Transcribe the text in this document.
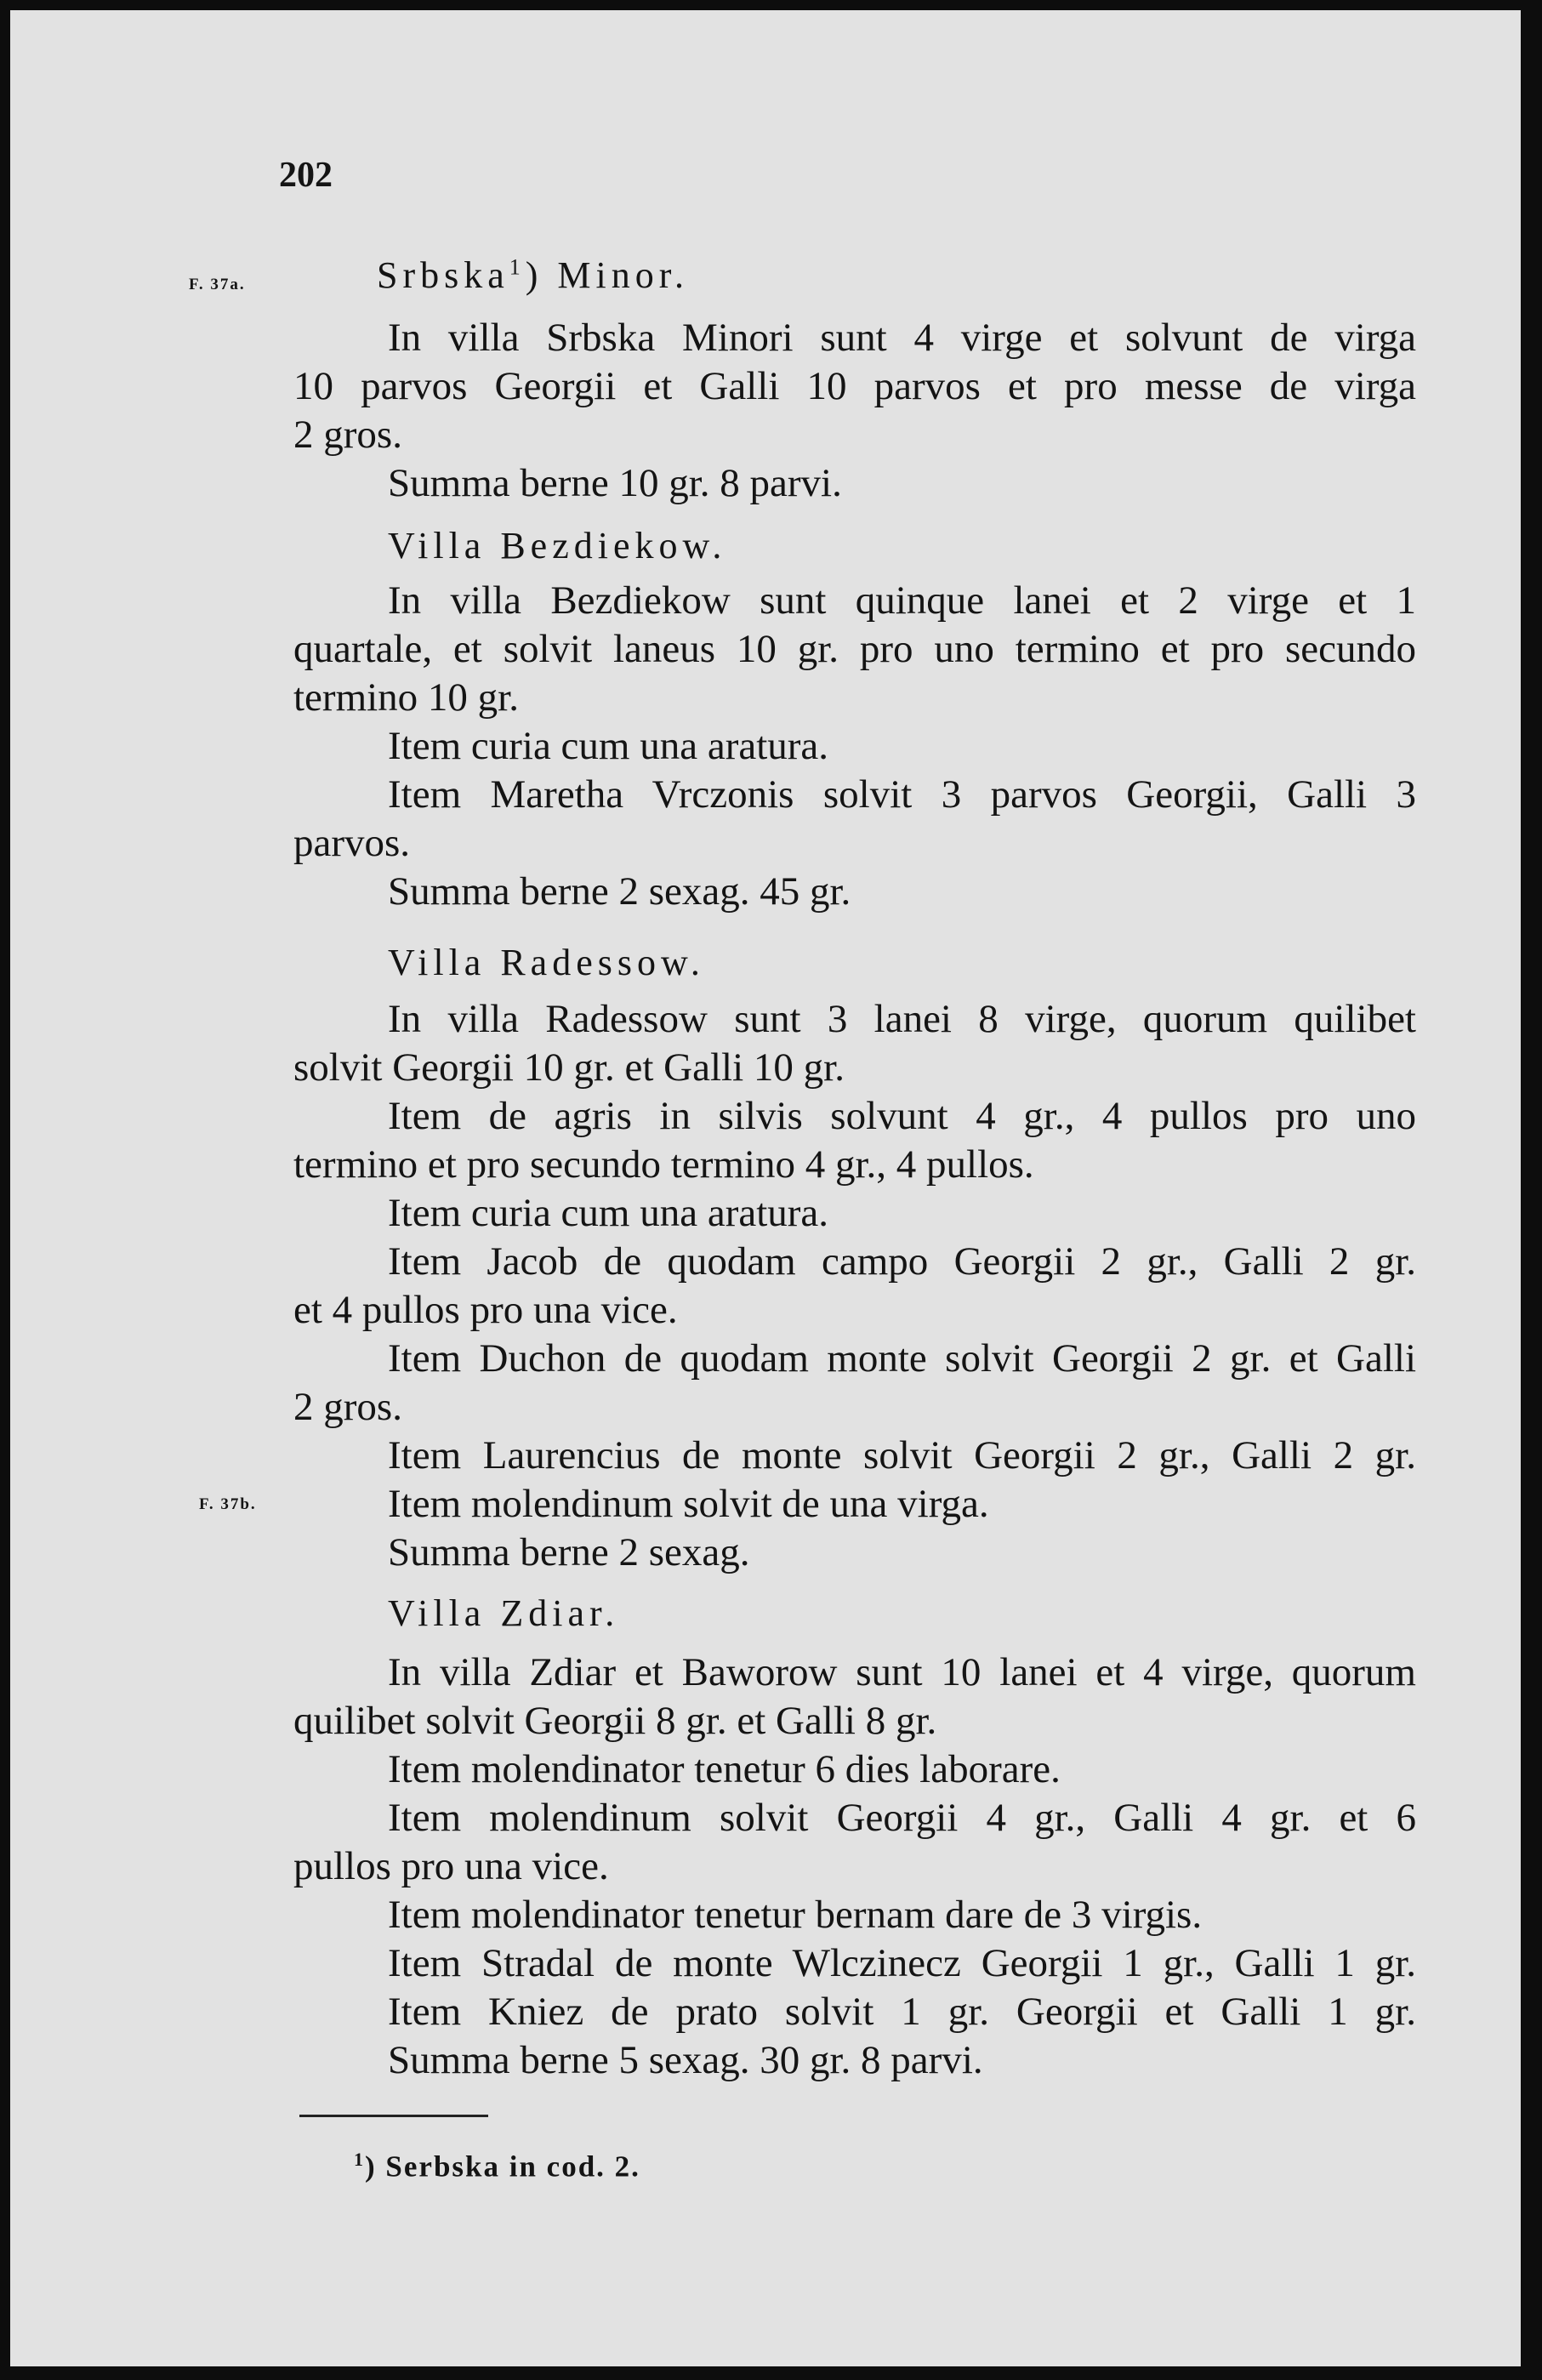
202
F. 37a.
F. 37b.
Srbska$^1$) Minor.
In villa Srbska Minori sunt 4 virge et solvunt de virga
10 parvos Georgii et Galli 10 parvos et pro messe de virga
2 gros.
Summa berne 10 gr. 8 parvi.
Villa Bezdiekow.
In villa Bezdiekow sunt quinque lanei et 2 virge et 1
quartale, et solvit laneus 10 gr. pro uno termino et pro secundo
termino 10 gr.
Item curia cum una aratura.
Item Maretha Vrczonis solvit 3 parvos Georgii, Galli 3
parvos.
Summa berne 2 sexag. 45 gr.
Villa Radessow.
In villa Radessow sunt 3 lanei 8 virge, quorum quilibet
solvit Georgii 10 gr. et Galli 10 gr.
Item de agris in silvis solvunt 4 gr., 4 pullos pro uno
termino et pro secundo termino 4 gr., 4 pullos.
Item curia cum una aratura.
Item Jacob de quodam campo Georgii 2 gr., Galli 2 gr.
et 4 pullos pro una vice.
Item Duchon de quodam monte solvit Georgii 2 gr. et Galli
2 gros.
Item Laurencius de monte solvit Georgii 2 gr., Galli 2 gr.
Item molendinum solvit de una virga.
Summa berne 2 sexag.
Villa Zdiar.
In villa Zdiar et Baworow sunt 10 lanei et 4 virge, quorum
quilibet solvit Georgii 8 gr. et Galli 8 gr.
Item molendinator tenetur 6 dies laborare.
Item molendinum solvit Georgii 4 gr., Galli 4 gr. et 6
pullos pro una vice.
Item molendinator tenetur bernam dare de 3 virgis.
Item Stradal de monte Wlczinecz Georgii 1 gr., Galli 1 gr.
Item Kniez de prato solvit 1 gr. Georgii et Galli 1 gr.
Summa berne 5 sexag. 30 gr. 8 parvi.
$^1$) Serbska in cod. 2.
